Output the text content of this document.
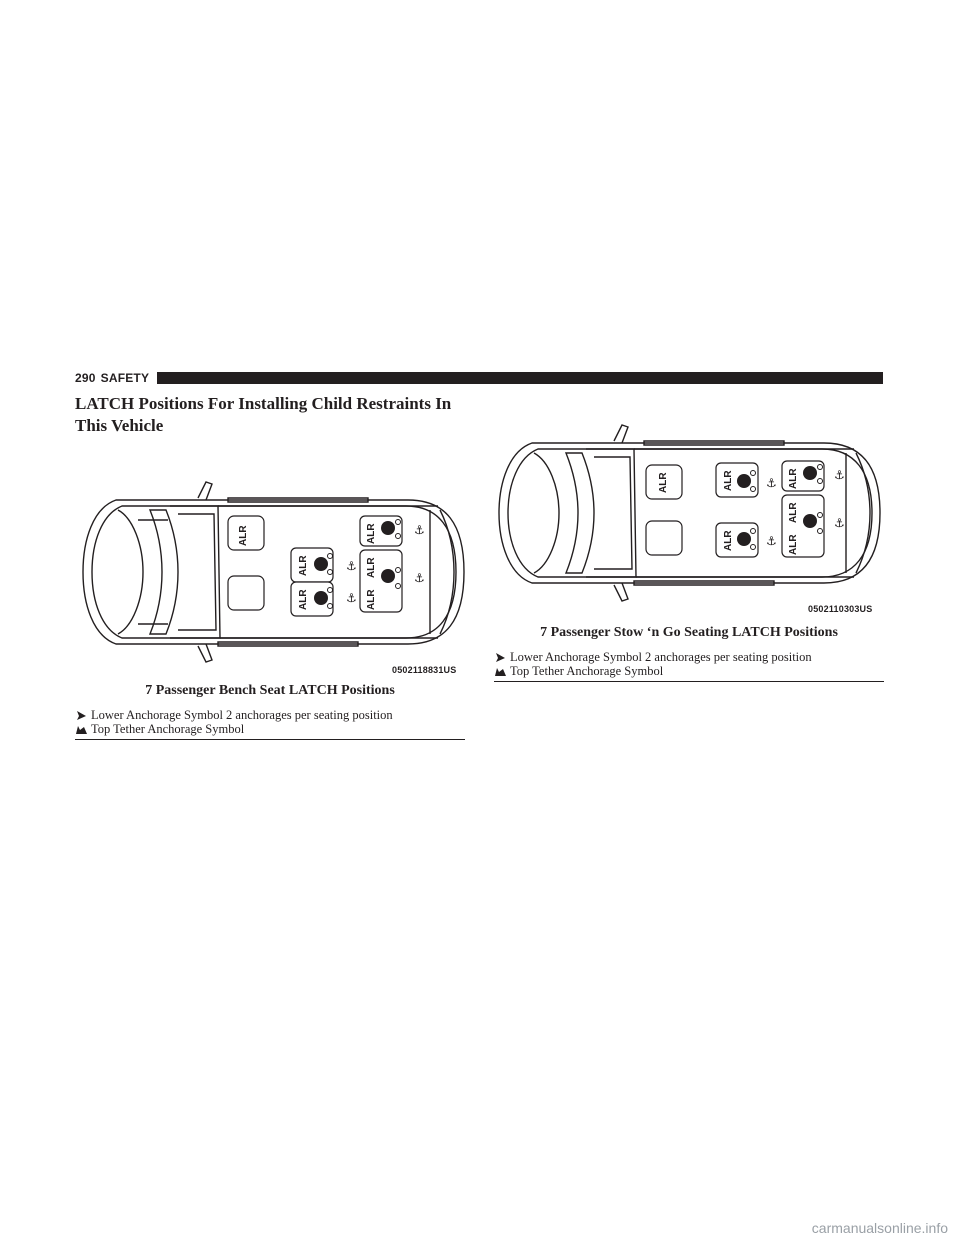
290 SAFETY
LATCH Positions For Installing Child Restraints In This Vehicle
ALR
ALR
ALR
ALR
ALR
ALR
⚓
⚓
⚓
⚓
0502118831US
7 Passenger Bench Seat LATCH Positions
Lower Anchorage Symbol 2 anchorages per seating position
Top Tether Anchorage Symbol
ALR	ALR
ALR
ALR
ALR
ALR
⚓
⚓
⚓
⚓
0502110303US
7 Passenger Stow ‘n Go Seating LATCH Positions
Lower Anchorage Symbol 2 anchorages per seating position
Top Tether Anchorage Symbol
carmanualsonline.info
